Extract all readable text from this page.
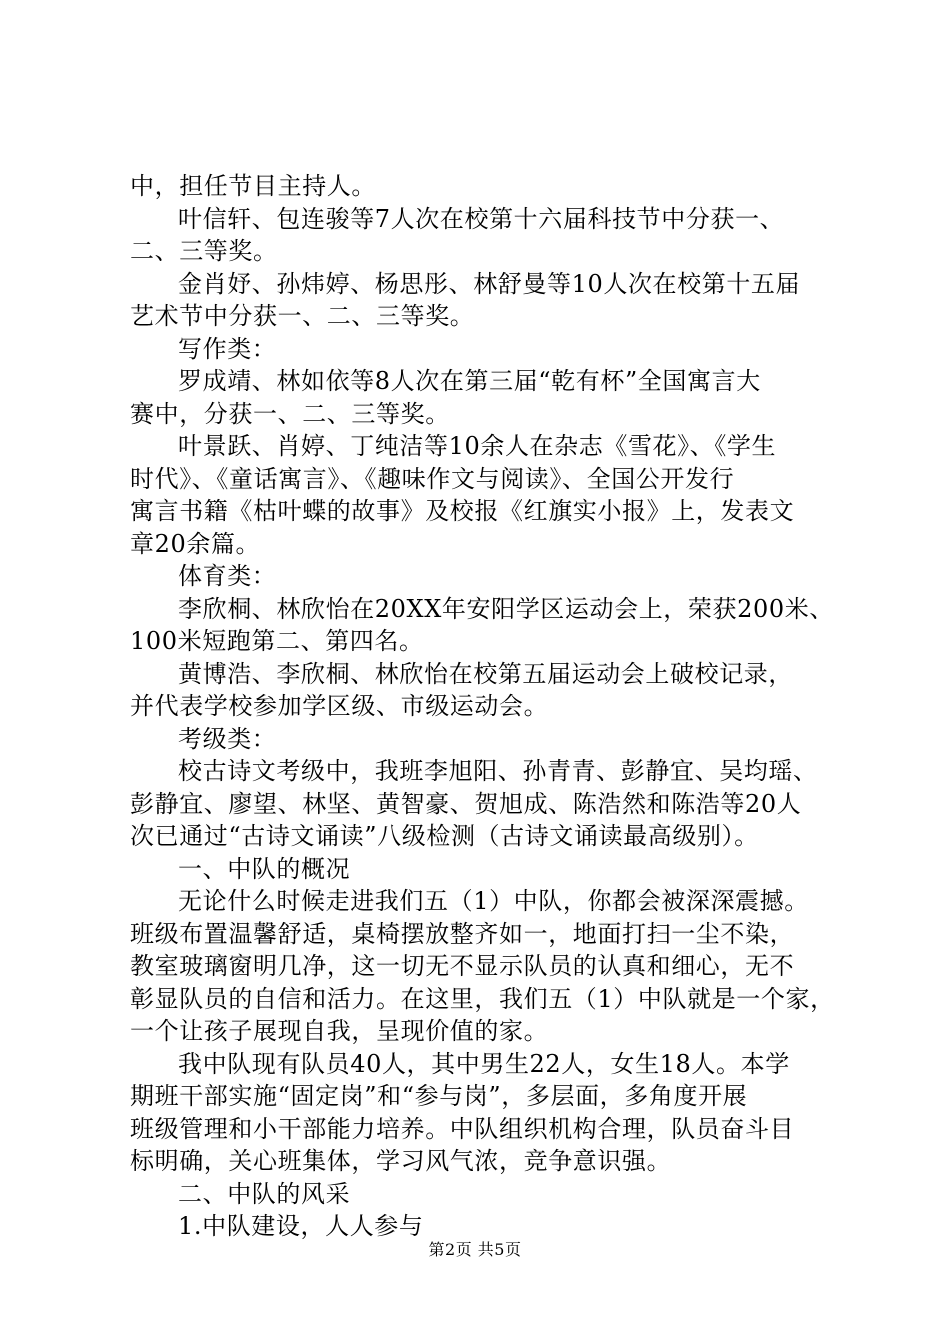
中，担任节目主持人。
叶信轩、包连骏等7人次在校第十六届科技节中分获一、
二、三等奖。
金肖妤、孙炜婷、杨思彤、林舒曼等10人次在校第十五届
艺术节中分获一、二、三等奖。
写作类：
罗成靖、林如依等8人次在第三届“乾有杯”全国寓言大
赛中，分获一、二、三等奖。
叶景跃、肖婷、丁纯洁等10余人在杂志《雪花》、《学生
时代》、《童话寓言》、《趣味作文与阅读》、全国公开发行
寓言书籍《枯叶蝶的故事》及校报《红旗实小报》上，发表文
章20余篇。
体育类：
李欣桐、林欣怡在20XX年安阳学区运动会上，荣获200米、
100米短跑第二、第四名。
黄博浩、李欣桐、林欣怡在校第五届运动会上破校记录，
并代表学校参加学区级、市级运动会。
考级类：
校古诗文考级中，我班李旭阳、孙青青、彭静宜、吴均瑶、
彭静宜、廖望、林坚、黄智豪、贺旭成、陈浩然和陈浩等20人
次已通过“古诗文诵读”八级检测（古诗文诵读最高级别）。
一、中队的概况
无论什么时候走进我们五（1）中队，你都会被深深震撼。
班级布置温馨舒适，桌椅摆放整齐如一，地面打扫一尘不染，
教室玻璃窗明几净，这一切无不显示队员的认真和细心，无不
彰显队员的自信和活力。在这里，我们五（1）中队就是一个家，
一个让孩子展现自我，呈现价值的家。
我中队现有队员40人，其中男生22人，女生18人。本学
期班干部实施“固定岗”和“参与岗”，多层面，多角度开展
班级管理和小干部能力培养。中队组织机构合理，队员奋斗目
标明确，关心班集体，学习风气浓，竞争意识强。
二、中队的风采
1.中队建设，人人参与
第2页 共5页
